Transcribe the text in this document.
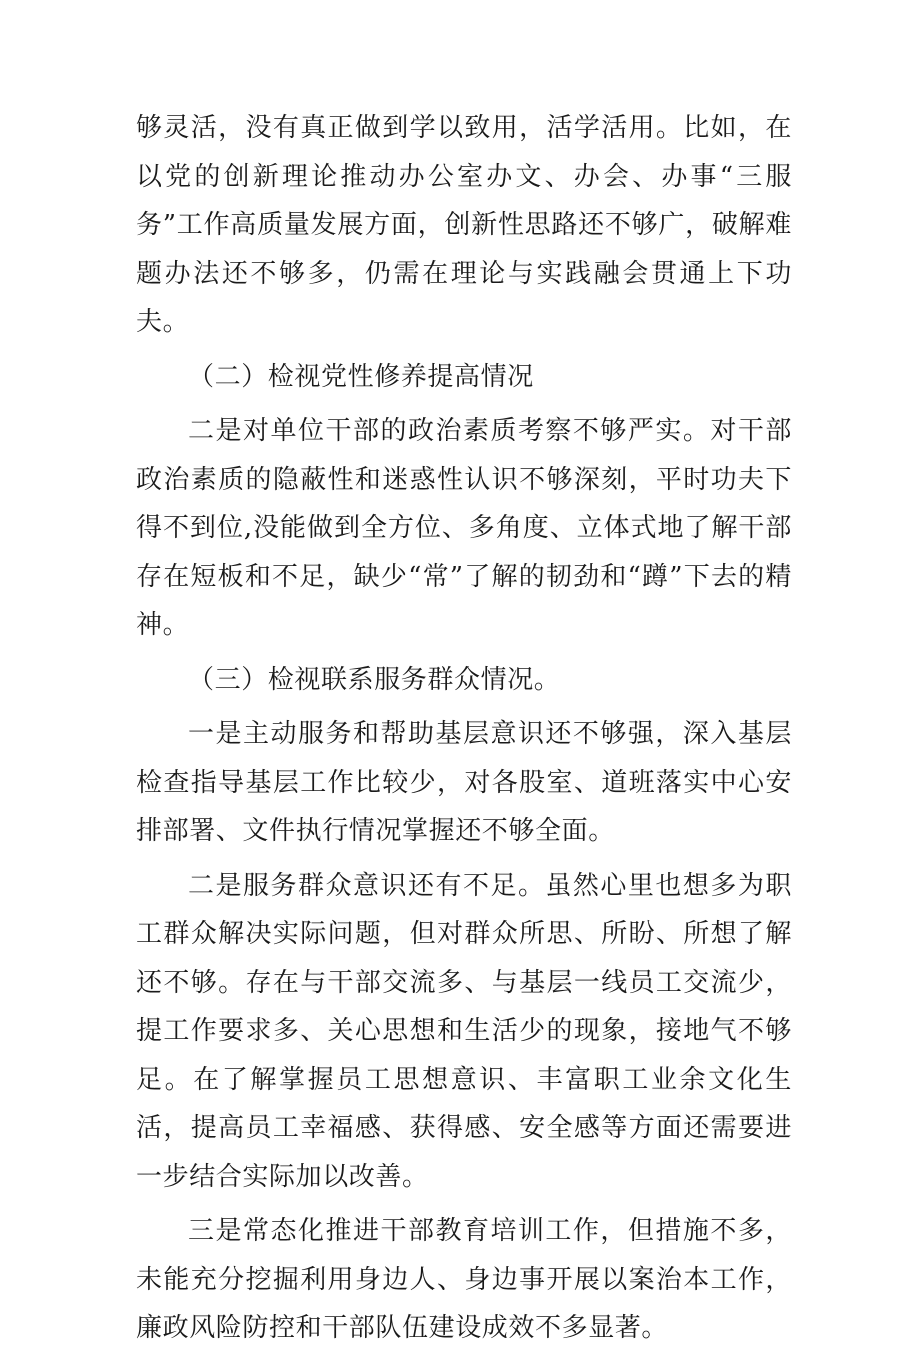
够灵活，没有真正做到学以致用，活学活用。比如，在以党的创新理论推动办公室办文、办会、办事“三服务”工作高质量发展方面，创新性思路还不够广，破解难题办法还不够多，仍需在理论与实践融会贯通上下功夫。

（二）检视党性修养提高情况

二是对单位干部的政治素质考察不够严实。对干部政治素质的隐蔽性和迷惑性认识不够深刻，平时功夫下得不到位,没能做到全方位、多角度、立体式地了解干部存在短板和不足，缺少“常”了解的韧劲和“蹲”下去的精神。

（三）检视联系服务群众情况。

一是主动服务和帮助基层意识还不够强，深入基层检查指导基层工作比较少，对各股室、道班落实中心安排部署、文件执行情况掌握还不够全面。

二是服务群众意识还有不足。虽然心里也想多为职工群众解决实际问题，但对群众所思、所盼、所想了解还不够。存在与干部交流多、与基层一线员工交流少，提工作要求多、关心思想和生活少的现象，接地气不够足。在了解掌握员工思想意识、丰富职工业余文化生活，提高员工幸福感、获得感、安全感等方面还需要进一步结合实际加以改善。

三是常态化推进干部教育培训工作，但措施不多，未能充分挖掘利用身边人、身边事开展以案治本工作，廉政风险防控和干部队伍建设成效不多显著。
